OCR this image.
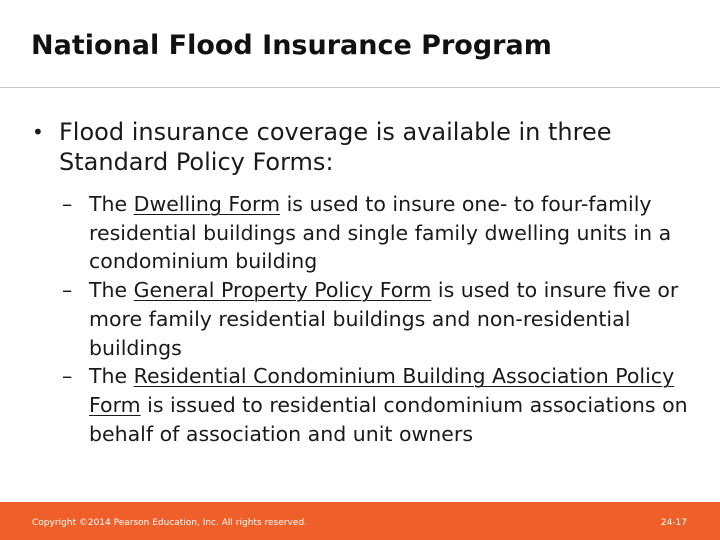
National Flood Insurance Program
• Flood insurance coverage is available in three Standard Policy Forms:
– The Dwelling Form is used to insure one- to four-family residential buildings and single family dwelling units in a condominium building
– The General Property Policy Form is used to insure five or more family residential buildings and non-residential buildings
– The Residential Condominium Building Association Policy Form is issued to residential condominium associations on behalf of association and unit owners
Copyright ©2014 Pearson Education, Inc. All rights reserved.	24-17
